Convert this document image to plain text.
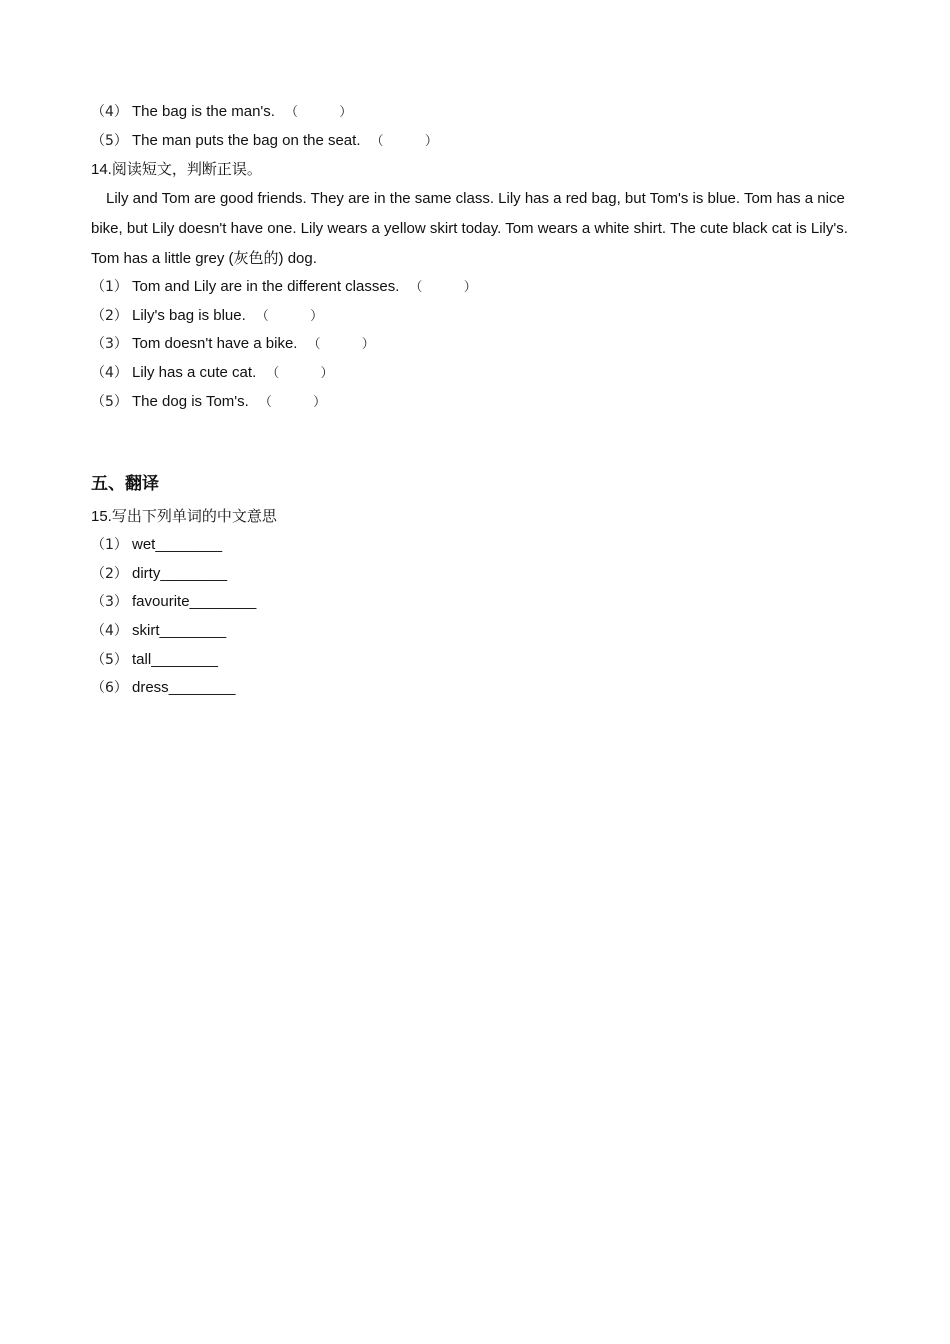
（4） The bag is the man's. （          ）
（5） The man puts the bag on the seat. （          ）
14.阅读短文，判断正误。
Lily and Tom are good friends. They are in the same class. Lily has a red bag, but Tom's is blue. Tom has a nice bike, but Lily doesn't have one. Lily wears a yellow skirt today. Tom wears a white shirt. The cute black cat is Lily's. Tom has a little grey (灰色的) dog.
（1） Tom and Lily are in the different classes. （          ）
（2） Lily's bag is blue. （          ）
（3） Tom doesn't have a bike. （          ）
（4） Lily has a cute cat. （          ）
（5） The dog is Tom's. （          ）
五、翻译
15.写出下列单词的中文意思
（1） wet________
（2） dirty________
（3） favourite________
（4） skirt________
（5） tall________
（6） dress________
